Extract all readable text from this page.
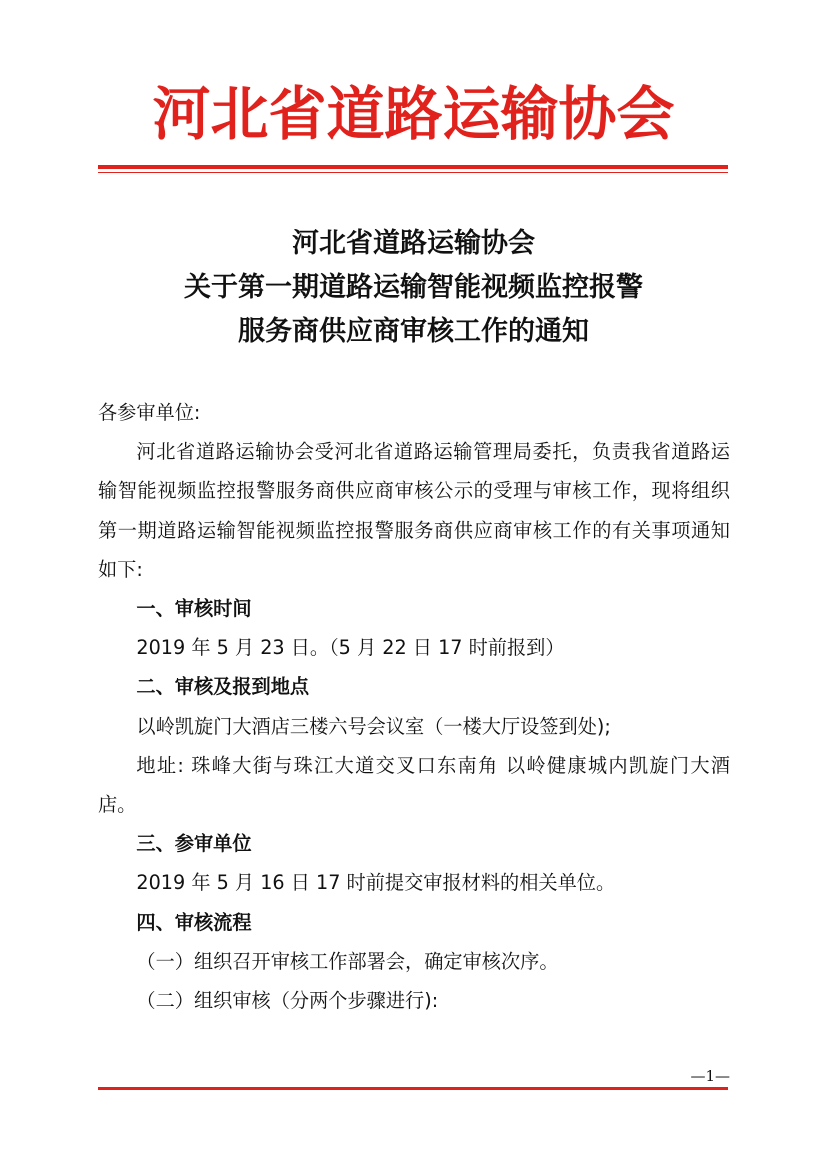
河北省道路运输协会
河北省道路运输协会
关于第一期道路运输智能视频监控报警
服务商供应商审核工作的通知

各参审单位:

河北省道路运输协会受河北省道路运输管理局委托，负责我省道路运输智能视频监控报警服务商供应商审核公示的受理与审核工作，现将组织第一期道路运输智能视频监控报警服务商供应商审核工作的有关事项通知如下:

一、审核时间

2019 年 5 月 23 日。（5 月 22 日 17 时前报到）

二、审核及报到地点

以岭凯旋门大酒店三楼六号会议室（一楼大厅设签到处);

地址: 珠峰大街与珠江大道交叉口东南角 以岭健康城内凯旋门大酒店。

三、参审单位

2019 年 5 月 16 日 17 时前提交审报材料的相关单位。

四、审核流程

（一）组织召开审核工作部署会，确定审核次序。

（二）组织审核（分两个步骤进行):

—1—
